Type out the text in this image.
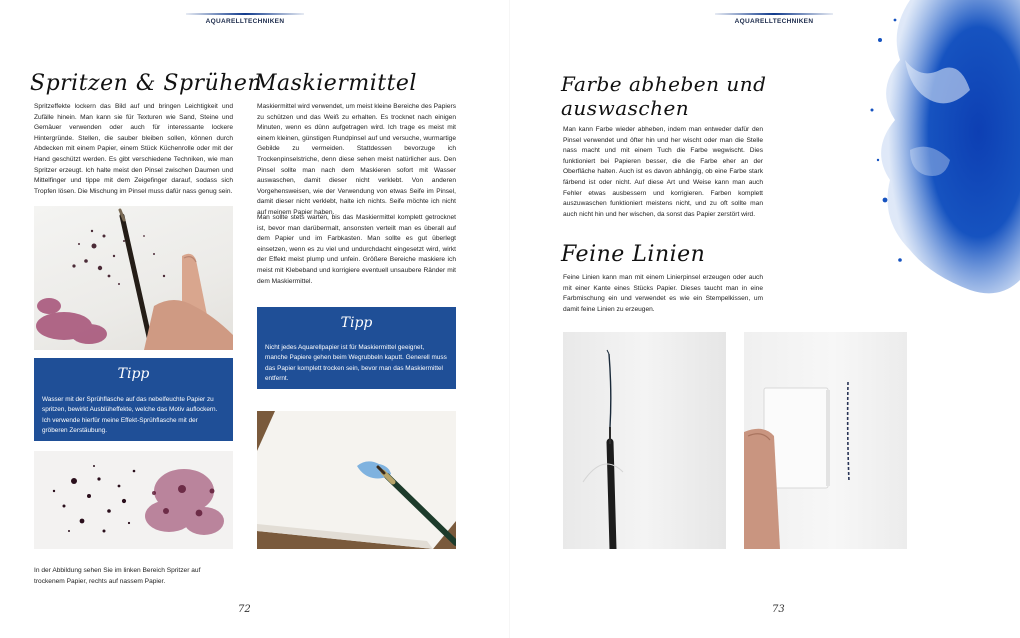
AQUARELLTECHNIKEN
Spritzen & Sprühen
Spritzeffekte lockern das Bild auf und bringen Leichtigkeit und Zufälle hinein. Man kann sie für Texturen wie Sand, Steine und Gemäuer verwenden oder auch für interessante lockere Hintergründe. Stellen, die sauber bleiben sollen, können durch Abdecken mit einem Papier, einem Stück Küchenrolle oder mit der Hand geschützt werden. Es gibt verschiedene Techniken, wie man Spritzer erzeugt. Ich halte meist den Pinsel zwischen Daumen und Mittelfinger und tippe mit dem Zeigefinger darauf, sodass sich Tropfen lösen. Die Mischung im Pinsel muss dafür nass genug sein.
Tipp
Wasser mit der Sprühflasche auf das nebelfeuchte Papier zu spritzen, bewirkt Ausblüheffekte, welche das Motiv auflockern. Ich verwende hierfür meine Effekt-Sprühflasche mit der gröberen Zerstäubung.
In der Abbildung sehen Sie im linken Bereich Spritzer auf trockenem Papier, rechts auf nassem Papier.
Maskiermittel
Maskiermittel wird verwendet, um meist kleine Bereiche des Papiers zu schützen und das Weiß zu erhalten. Es trocknet nach einigen Minuten, wenn es dünn aufgetragen wird. Ich trage es meist mit einem kleinen, günstigen Rundpinsel auf und versuche, wurmartige Gebilde zu vermeiden. Stattdessen bevorzuge ich Trockenpinselstriche, denn diese sehen meist natürlicher aus. Den Pinsel sollte man nach dem Maskieren sofort mit Wasser auswaschen, damit dieser nicht verklebt. Von anderen Vorgehensweisen, wie der Verwendung von etwas Seife im Pinsel, damit dieser nicht verklebt, halte ich nichts. Seife möchte ich nicht auf meinem Papier haben.
Man sollte stets warten, bis das Maskiermittel komplett getrocknet ist, bevor man darübermalt, ansonsten verteilt man es überall auf dem Papier und im Farbkasten. Man sollte es gut überlegt einsetzen, wenn es zu viel und undurchdacht eingesetzt wird, wirkt der Effekt meist plump und unfein. Größere Bereiche maskiere ich meist mit Klebeband und korrigiere eventuell unsaubere Ränder mit dem Maskiermittel.
Tipp
Nicht jedes Aquarellpapier ist für Maskiermittel geeignet, manche Papiere gehen beim Wegrubbeln kaputt. Generell muss das Papier komplett trocken sein, bevor man das Maskiermittel entfernt.
72
AQUARELLTECHNIKEN
Farbe abheben und
auswaschen
Man kann Farbe wieder abheben, indem man entweder dafür den Pinsel verwendet und öfter hin und her wischt oder man die Stelle nass macht und mit einem Tuch die Farbe wegwischt. Dies funktioniert bei Papieren besser, die die Farbe eher an der Oberfläche halten. Auch ist es davon abhängig, ob eine Farbe stark färbend ist oder nicht. Auf diese Art und Weise kann man auch Fehler etwas ausbessern und korrigieren. Farben komplett auszuwaschen funktioniert meistens nicht, und zu oft sollte man auch nicht hin und her wischen, da sonst das Papier zerstört wird.
Feine Linien
Feine Linien kann man mit einem Linierpinsel erzeugen oder auch mit einer Kante eines Stücks Papier. Dieses taucht man in eine Farbmischung ein und verwendet es wie ein Stempelkissen, um damit feine Linien zu erzeugen.
73
